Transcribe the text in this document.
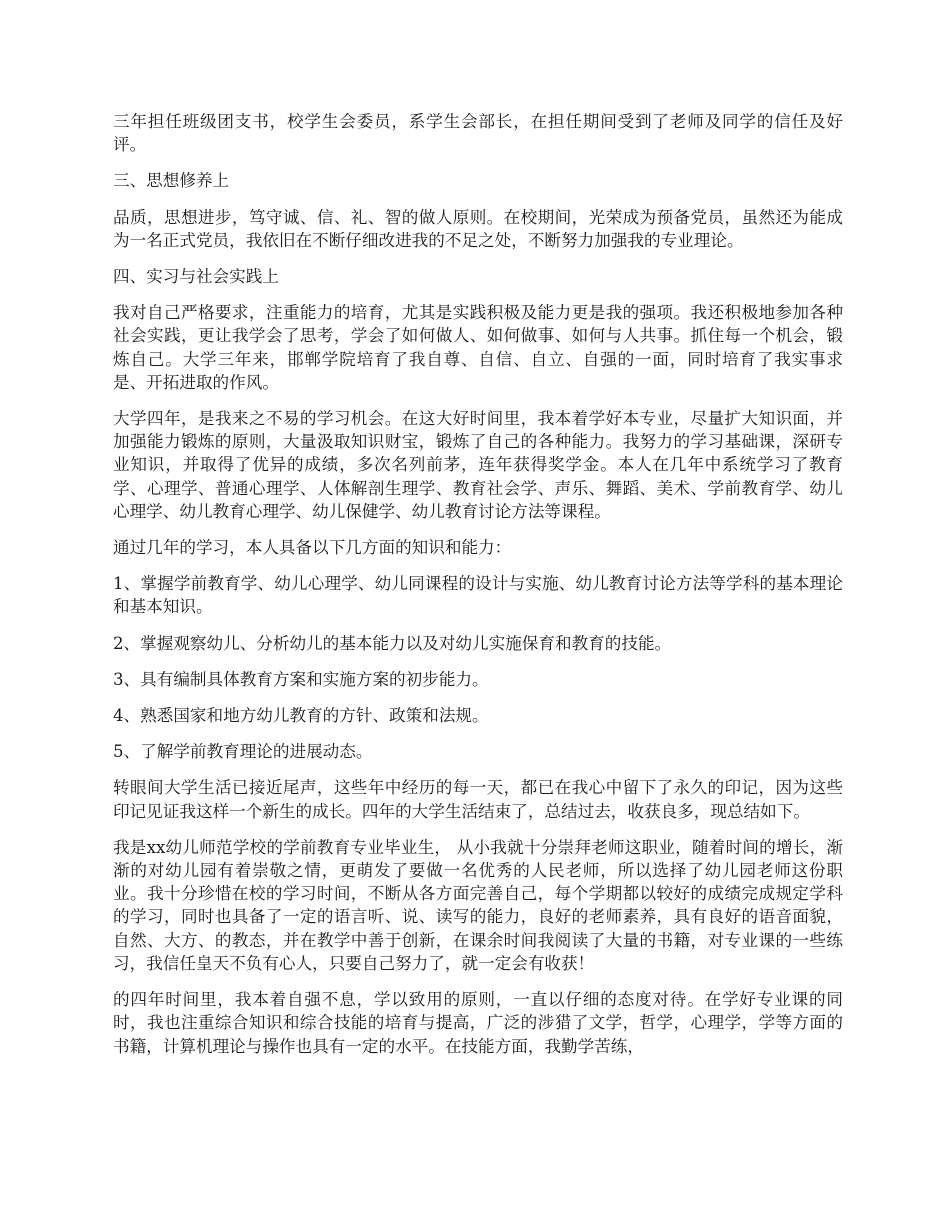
三年担任班级团支书，校学生会委员，系学生会部长，在担任期间受到了老师及同学的信任及好评。

三、思想修养上

品质，思想进步，笃守诚、信、礼、智的做人原则。在校期间，光荣成为预备党员，虽然还为能成为一名正式党员，我依旧在不断仔细改进我的不足之处，不断努力加强我的专业理论。

四、实习与社会实践上

我对自己严格要求，注重能力的培育，尤其是实践积极及能力更是我的强项。我还积极地参加各种社会实践，更让我学会了思考，学会了如何做人、如何做事、如何与人共事。抓住每一个机会，锻炼自己。大学三年来，邯郸学院培育了我自尊、自信、自立、自强的一面，同时培育了我实事求是、开拓进取的作风。

大学四年，是我来之不易的学习机会。在这大好时间里，我本着学好本专业，尽量扩大知识面，并加强能力锻炼的原则，大量汲取知识财宝，锻炼了自己的各种能力。我努力的学习基础课，深研专业知识，并取得了优异的成绩，多次名列前茅，连年获得奖学金。本人在几年中系统学习了教育学、心理学、普通心理学、人体解剖生理学、教育社会学、声乐、舞蹈、美术、学前教育学、幼儿心理学、幼儿教育心理学、幼儿保健学、幼儿教育讨论方法等课程。

通过几年的学习，本人具备以下几方面的知识和能力：

1、掌握学前教育学、幼儿心理学、幼儿同课程的设计与实施、幼儿教育讨论方法等学科的基本理论和基本知识。

2、掌握观察幼儿、分析幼儿的基本能力以及对幼儿实施保育和教育的技能。

3、具有编制具体教育方案和实施方案的初步能力。

4、熟悉国家和地方幼儿教育的方针、政策和法规。

5、了解学前教育理论的进展动态。

转眼间大学生活已接近尾声，这些年中经历的每一天，都已在我心中留下了永久的印记，因为这些印记见证我这样一个新生的成长。四年的大学生活结束了，总结过去，收获良多，现总结如下。

我是xx幼儿师范学校的学前教育专业毕业生， 从小我就十分崇拜老师这职业，随着时间的增长，渐渐的对幼儿园有着崇敬之情，更萌发了要做一名优秀的人民老师，所以选择了幼儿园老师这份职业。我十分珍惜在校的学习时间，不断从各方面完善自己，每个学期都以较好的成绩完成规定学科的学习，同时也具备了一定的语言听、说、读写的能力，良好的老师素养，具有良好的语音面貌，自然、大方、的教态，并在教学中善于创新，在课余时间我阅读了大量的书籍，对专业课的一些练习，我信任皇天不负有心人，只要自己努力了，就一定会有收获！

的四年时间里，我本着自强不息，学以致用的原则，一直以仔细的态度对待。在学好专业课的同时，我也注重综合知识和综合技能的培育与提高，广泛的涉猎了文学，哲学，心理学，学等方面的书籍，计算机理论与操作也具有一定的水平。在技能方面，我勤学苦练，
